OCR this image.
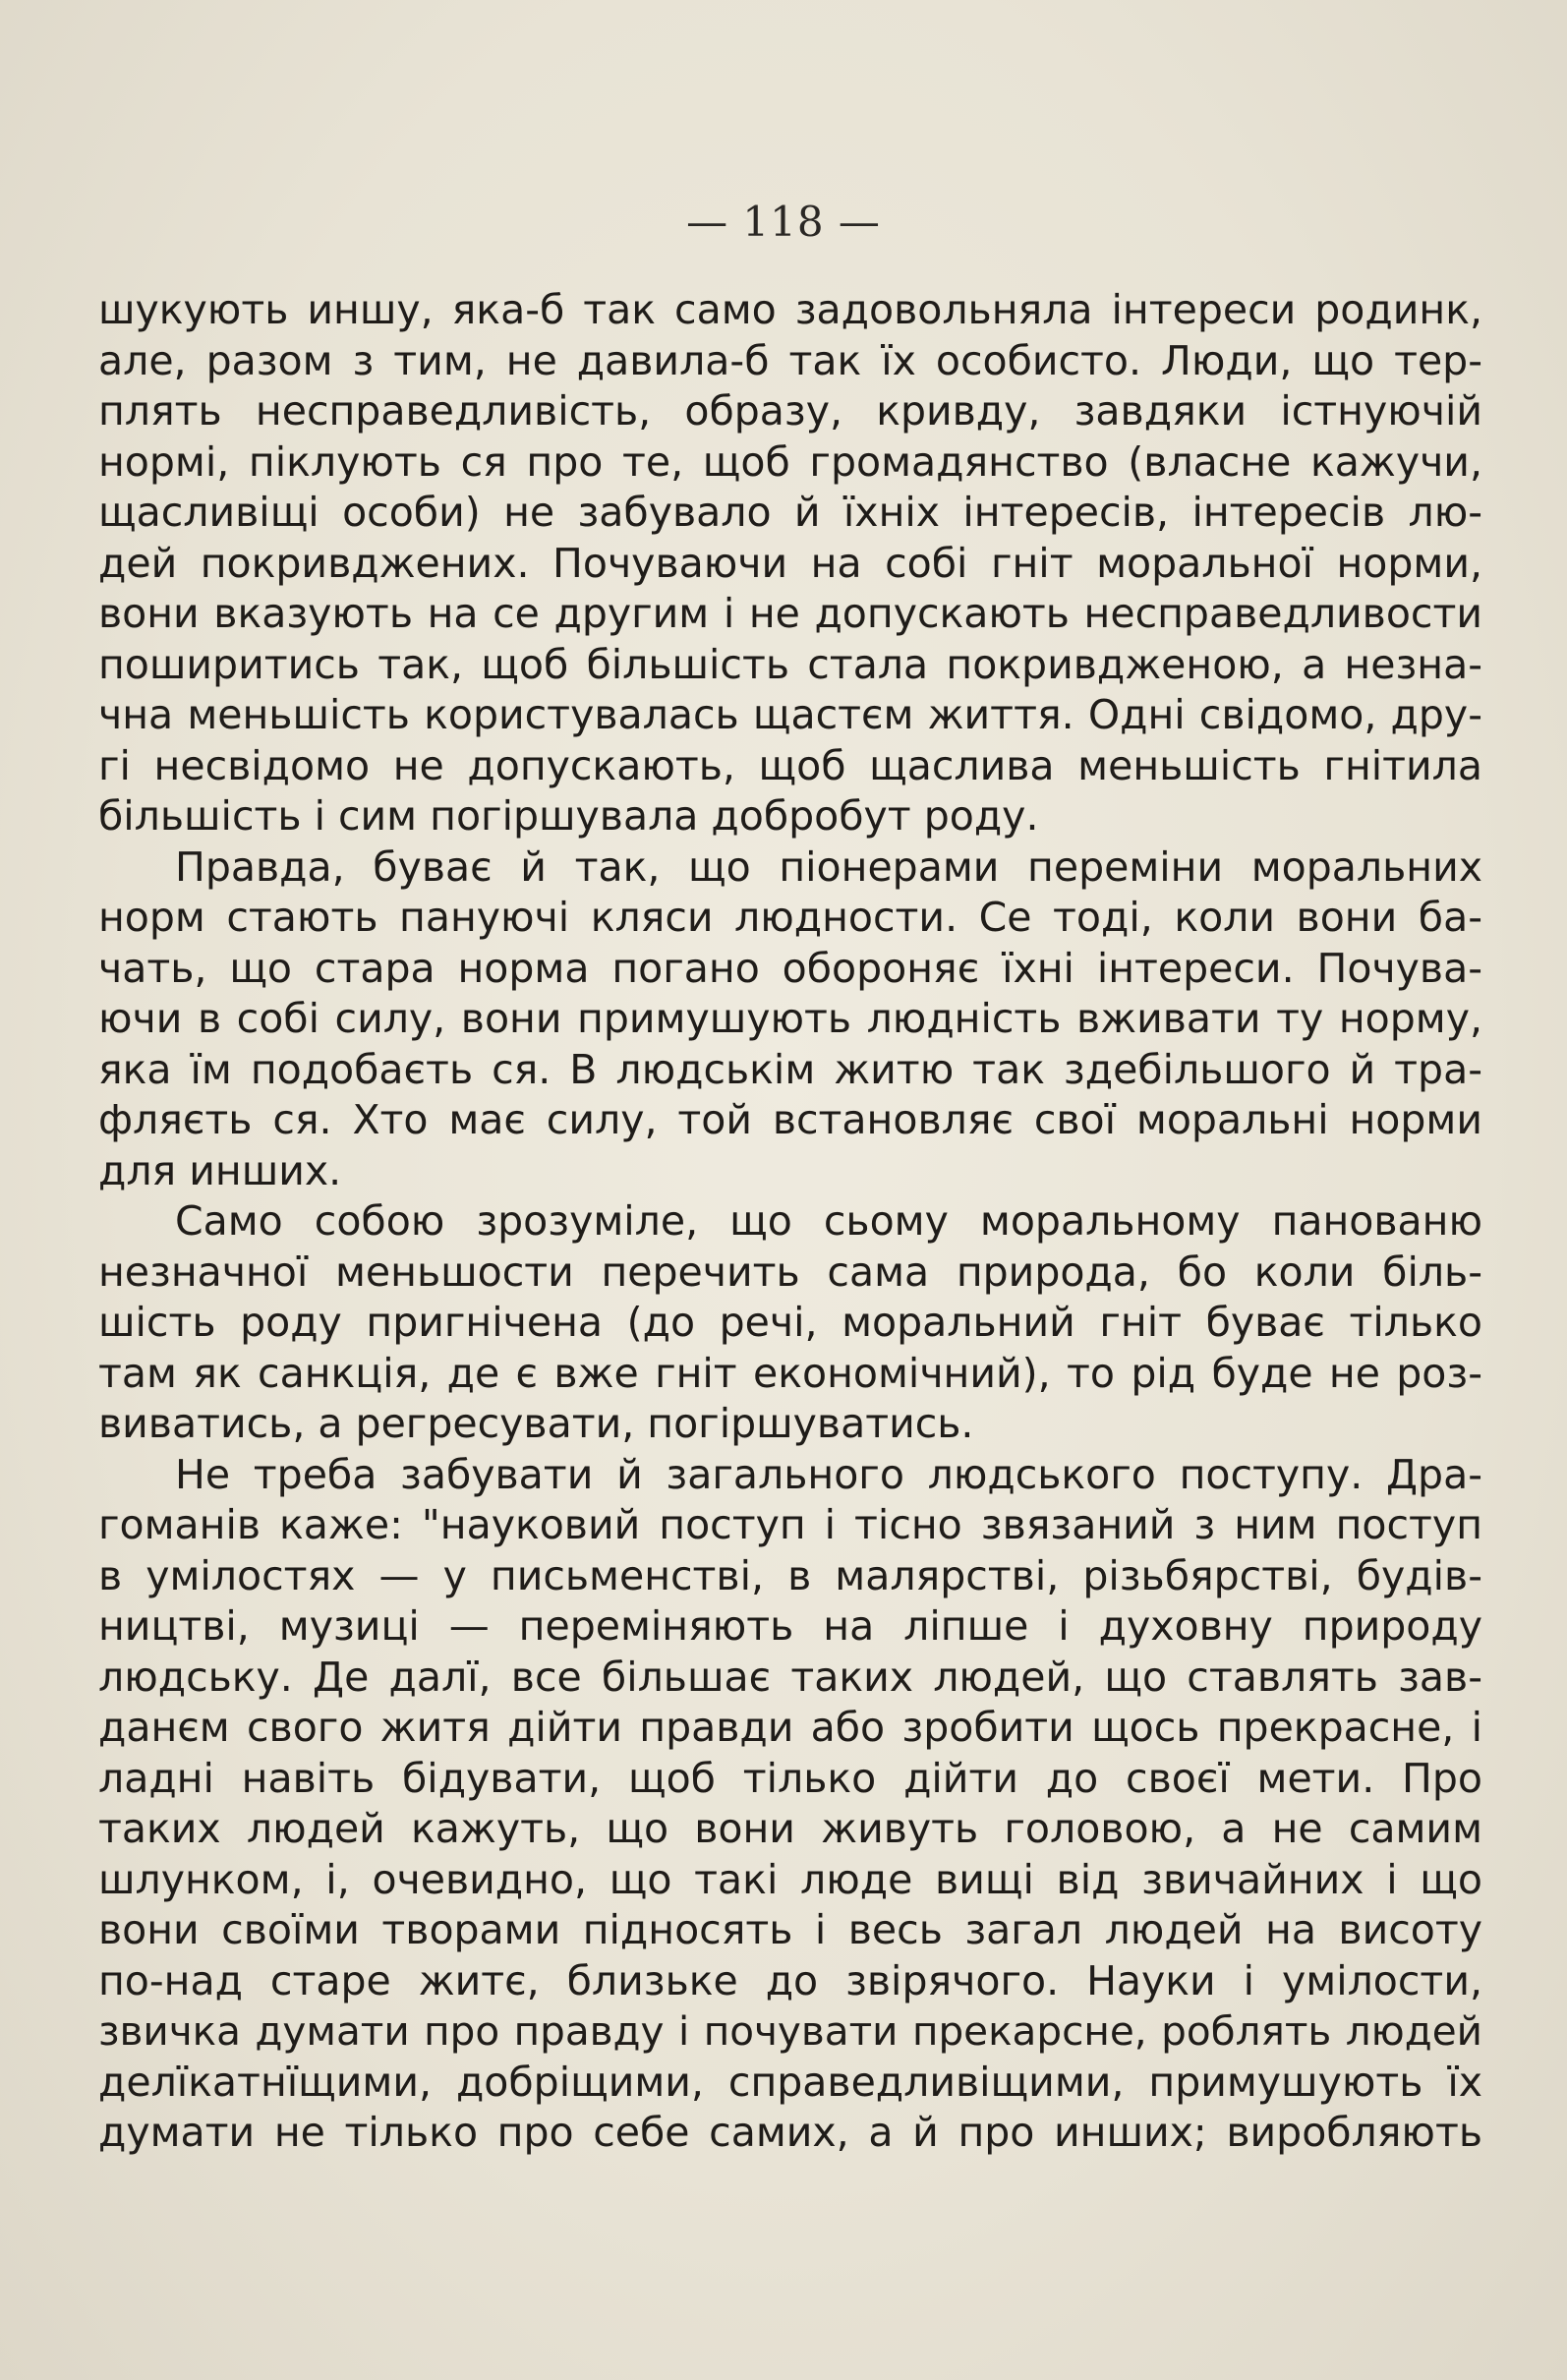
— 118 —
шукують иншу, яка-б так само задовольняла інтереси родинк,
але, разом з тим, не давила-б так їх особисто. Люди, що тер-
плять несправедливість, образу, кривду, завдяки істнуючій
нормі, піклують ся про те, щоб громадянство (власне кажучи,
щасливіщі особи) не забувало й їхніх інтересів, інтересів лю-
дей покривджених. Почуваючи на собі гніт моральної норми,
вони вказують на се другим і не допускають несправедливости
поширитись так, щоб більшість стала покривдженою, а незна-
чна меньшість користувалась щастєм життя. Одні свідомо, дру-
гі несвідомо не допускають, щоб щаслива меньшість гнітила
більшість і сим погіршувала добробут роду.
Правда, буває й так, що піонерами переміни моральних
норм стають пануючі кляси людности. Се тоді, коли вони ба-
чать, що стара норма погано обороняє їхні інтереси. Почува-
ючи в собі силу, вони примушують людність вживати ту норму,
яка їм подобаєть ся. В людськім житю так здебільшого й тра-
фляєть ся. Хто має силу, той встановляє свої моральні норми
для инших.
Само собою зрозуміле, що сьому моральному панованю
незначної меньшости перечить сама природа, бо коли біль-
шість роду пригнічена (до речі, моральний гніт буває тілько
там як санкція, де є вже гніт економічний), то рід буде не роз-
виватись, а регресувати, погіршуватись.
Не треба забувати й загального людського поступу. Дра-
гоманів каже: "науковий поступ і тісно звязаний з ним поступ
в умілостях — у письменстві, в малярстві, різьбярстві, будів-
ництві, музиці — переміняють на ліпше і духовну природу
людську. Де далї, все більшає таких людей, що ставлять зав-
данєм свого житя дійти правди або зробити щось прекрасне, і
ладні навіть бідувати, щоб тілько дійти до своєї мети. Про
таких людей кажуть, що вони живуть головою, а не самим
шлунком, і, очевидно, що такі люде вищі від звичайних і що
вони своїми творами підносять і весь загал людей на висоту
по-над старе житє, близьке до звірячого. Науки і умілости,
звичка думати про правду і почувати прекарсне, роблять людей
делїкатнїщими, добріщими, справедливіщими, примушують їх
думати не тілько про себе самих, а й про инших; виробляють
